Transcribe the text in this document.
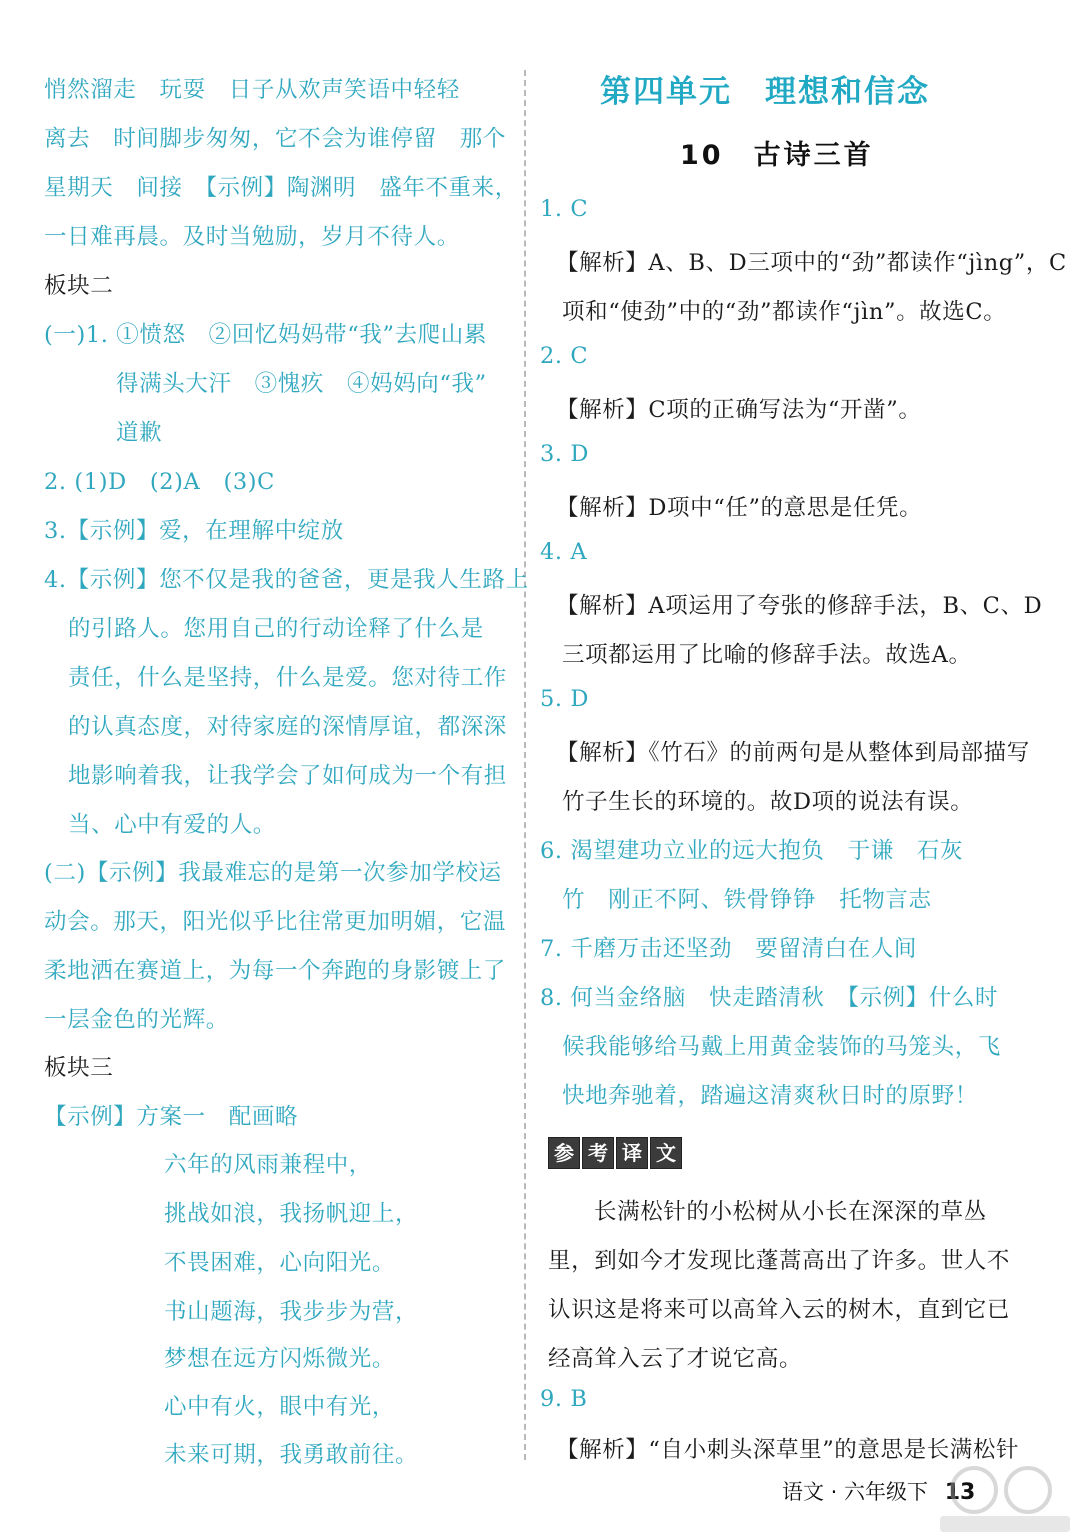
悄然溜走　玩耍　日子从欢声笑语中轻轻
离去　时间脚步匆匆，它不会为谁停留　那个
星期天　间接　【示例】陶渊明　盛年不重来，
一日难再晨。及时当勉励，岁月不待人。
板块二
(一)1. ①愤怒　②回忆妈妈带“我”去爬山累
得满头大汗　③愧疚　④妈妈向“我”
道歉
2. (1)D　(2)A　(3)C
3.【示例】爱，在理解中绽放
4.【示例】您不仅是我的爸爸，更是我人生路上
的引路人。您用自己的行动诠释了什么是
责任，什么是坚持，什么是爱。您对待工作
的认真态度，对待家庭的深情厚谊，都深深
地影响着我，让我学会了如何成为一个有担
当、心中有爱的人。
(二)【示例】我最难忘的是第一次参加学校运
动会。那天，阳光似乎比往常更加明媚，它温
柔地洒在赛道上，为每一个奔跑的身影镀上了
一层金色的光辉。
板块三
【示例】方案一　配画略
六年的风雨兼程中，
挑战如浪，我扬帆迎上，
不畏困难，心向阳光。
书山题海，我步步为营，
梦想在远方闪烁微光。
心中有火，眼中有光，
未来可期，我勇敢前往。
1. C
【解析】A、B、D三项中的“劲”都读作“jìng”，C
项和“使劲”中的“劲”都读作“jìn”。故选C。
2. C
【解析】C项的正确写法为“开凿”。
3. D
【解析】D项中“任”的意思是任凭。
4. A
【解析】A项运用了夸张的修辞手法，B、C、D
三项都运用了比喻的修辞手法。故选A。
5. D
【解析】《竹石》的前两句是从整体到局部描写
竹子生长的环境的。故D项的说法有误。
6. 渴望建功立业的远大抱负　于谦　石灰
竹　刚正不阿、铁骨铮铮　托物言志
7. 千磨万击还坚劲　要留清白在人间
8. 何当金络脑　快走踏清秋　【示例】什么时
候我能够给马戴上用黄金装饰的马笼头，飞
快地奔驰着，踏遍这清爽秋日时的原野！
长满松针的小松树从小长在深深的草丛
里，到如今才发现比蓬蒿高出了许多。世人不
认识这是将来可以高耸入云的树木，直到它已
经高耸入云了才说它高。
9. B
【解析】“自小刺头深草里”的意思是长满松针
第四单元　理想和信念
10　古诗三首
参 考 译 文
语文 · 六年级下 13
